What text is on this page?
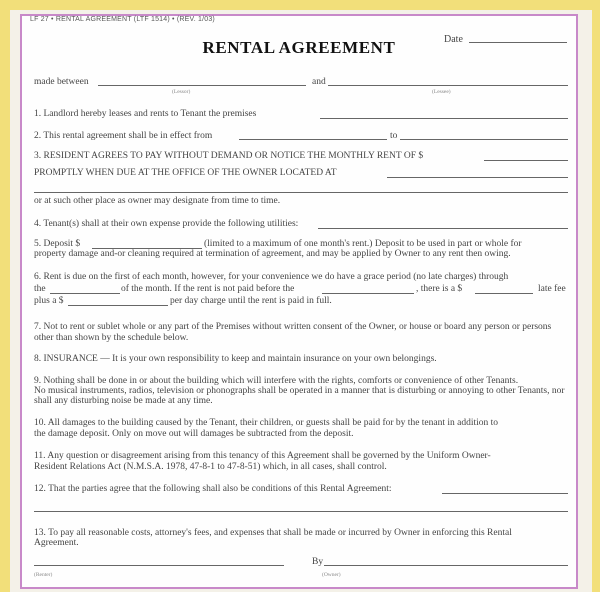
LF 27 • RENTAL AGREEMENT (LTF 1514) • (REV. 1/03)
RENTAL AGREEMENT	Date
made between	and
(Lessor)	(Lessee)
1. Landlord hereby leases and rents to Tenant the premises
2. This rental agreement shall be in effect from	to
3. RESIDENT AGREES TO PAY WITHOUT DEMAND OR NOTICE THE MONTHLY RENT OF $
PROMPTLY WHEN DUE AT THE OFFICE OF THE OWNER LOCATED AT
or at such other place as owner may designate from time to time.
4. Tenant(s) shall at their own expense provide the following utilities:
5. Deposit $	(limited to a maximum of one month's rent.) Deposit to be used in part or whole for
property damage and-or cleaning required at termination of agreement, and may be applied by Owner to any rent then owing.
6. Rent is due on the first of each month, however, for your convenience we do have a grace period (no late charges) through
the	of the month. If the rent is not paid before the	, there is a $	late fee
plus a $	per day charge until the rent is paid in full.
7. Not to rent or sublet whole or any part of the Premises without written consent of the Owner, or house or board any person or persons
other than shown by the schedule below.
8. INSURANCE — It is your own responsibility to keep and maintain insurance on your own belongings.
9. Nothing shall be done in or about the building which will interfere with the rights, comforts or convenience of other Tenants.
No musical instruments, radios, television or phonographs shall be operated in a manner that is disturbing or annoying to other Tenants, nor
shall any disturbing noise be made at any time.
10. All damages to the building caused by the Tenant, their children, or guests shall be paid for by the tenant in addition to
the damage deposit. Only on move out will damages be subtracted from the deposit.
11. Any question or disagreement arising from this tenancy of this Agreement shall be governed by the Uniform Owner-
Resident Relations Act (N.M.S.A. 1978, 47-8-1 to 47-8-51) which, in all cases, shall control.
12. That the parties agree that the following shall also be conditions of this Rental Agreement:
13. To pay all reasonable costs, attorney's fees, and expenses that shall be made or incurred by Owner in enforcing this Rental
Agreement.
By
(Renter)	(Owner)
